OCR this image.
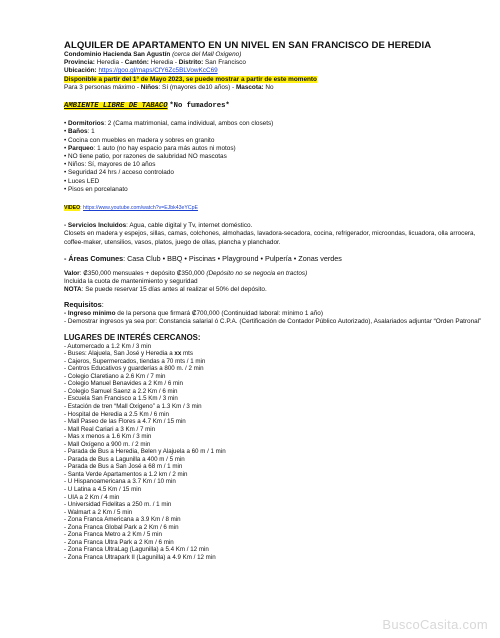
ALQUILER DE APARTAMENTO EN UN NIVEL EN SAN FRANCISCO DE HEREDIA
Condominio Hacienda San Agustín (cerca del Mall Oxigeno)
Provincia: Heredia - Cantón: Heredia - Distrito: San Francisco
Ubicación: https://goo.gl/maps/CfY6Zc5BLVowKcC69
Disponible a partir del 1° de Mayo 2023, se puede mostrar a partir de este momento
Para 3 personas máximo - Niños: Sí (mayores de10 años) - Mascota: No
AMBIENTE LIBRE DE TABACO *No fumadores*
• Dormitorios: 2 (Cama matrimonial, cama individual, ambos con closets)
• Baños: 1
• Cocina con muebles en madera y sobres en granito
• Parqueo: 1 auto (no hay espacio para más autos ni motos)
• NO tiene patio, por razones de salubridad NO mascotas
• Niños: Sí, mayores de 10 años
• Seguridad 24 hrs / acceso controlado
• Luces LED
• Pisos en porcelanato
VIDEO: https://www.youtube.com/watch?v=EJbk43eYCpE
- Servicios Incluidos: Agua, cable digital y Tv, internet doméstico.
Closets en madera y espejos, sillas, camas, colchones, almohadas, lavadora-secadora, cocina, refrigerador, microondas, licuadora, olla arrocera, coffee-maker, utensilios, vasos, platos, juego de ollas, plancha y planchador.
- Áreas Comunes: Casa Club • BBQ • Piscinas • Playground • Pulpería • Zonas verdes
Valor: ₡350,000 mensuales + depósito ₡350,000 (Depósito no se negocia en tractos)
Incluida la cuota de mantenimiento y seguridad
NOTA: Se puede reservar 15 días antes al realizar el 50% del depósito.
Requisitos:
- Ingreso mínimo de la persona que firmará ₡700,000 (Continuidad laboral: mínimo 1 año)
- Demostrar ingresos ya sea por: Constancia salarial ó C.P.A. (Certificación de Contador Público Autorizado), Asalariados adjuntar “Orden Patronal”
LUGARES DE INTERÉS CERCANOS:
- Automercado a 1.2 Km / 3 min
- Buses: Alajuela, San José y Heredia a xx mts
- Cajeros, Supermercados, tiendas a 70 mts / 1 min
- Centros Educativos y guarderías a 800 m. / 2 min
- Colegio Claretiano a 2.6 Km / 7 min
- Colegio Manuel Benavides a 2 Km / 6 min
- Colegio Samuel Saenz a 2.2 Km / 6 min
- Escuela San Francisco a 1.5 Km / 3 min
- Estación de tren “Mall Oxígeno” a 1.3 Km / 3 min
- Hospital de Heredia a 2.5 Km / 6 min
- Mall Paseo de las Flores a 4.7 Km / 15 min
- Mall Real Cariari a 3 Km / 7 min
- Mas x menos a 1.6 Km / 3 min
- Mall Oxígeno a 900 m. / 2 min
- Parada de Bus a Heredia, Belen y Alajuela a 60 m / 1 min
- Parada de Bus a Lagunilla a 400 m / 5 min
- Parada de Bus a San José a 68 m / 1 min
- Santa Verde Apartamentos a 1.2 km / 2 min
- U Hispanoamericana a 3.7 Km / 10 min
- U Latina a 4.5 Km / 15 min
- UIA a 2 Km / 4 min
- Universidad Fidelitas a 250 m. / 1 min
- Walmart a 2 Km / 5 min
- Zona Franca Americana a 3.9 Km / 8 min
- Zona Franca Global Park a 2 Km / 6 min
- Zona Franca Metro a 2 Km / 5 min
- Zona Franca Ultra Park a 2 Km / 6 min
- Zona Franca UltraLag (Lagunilla) a 5.4 Km / 12 min
- Zona Franca Ultrapark II (Lagunilla) a 4.9 Km / 12 min
BuscoCasita.com
